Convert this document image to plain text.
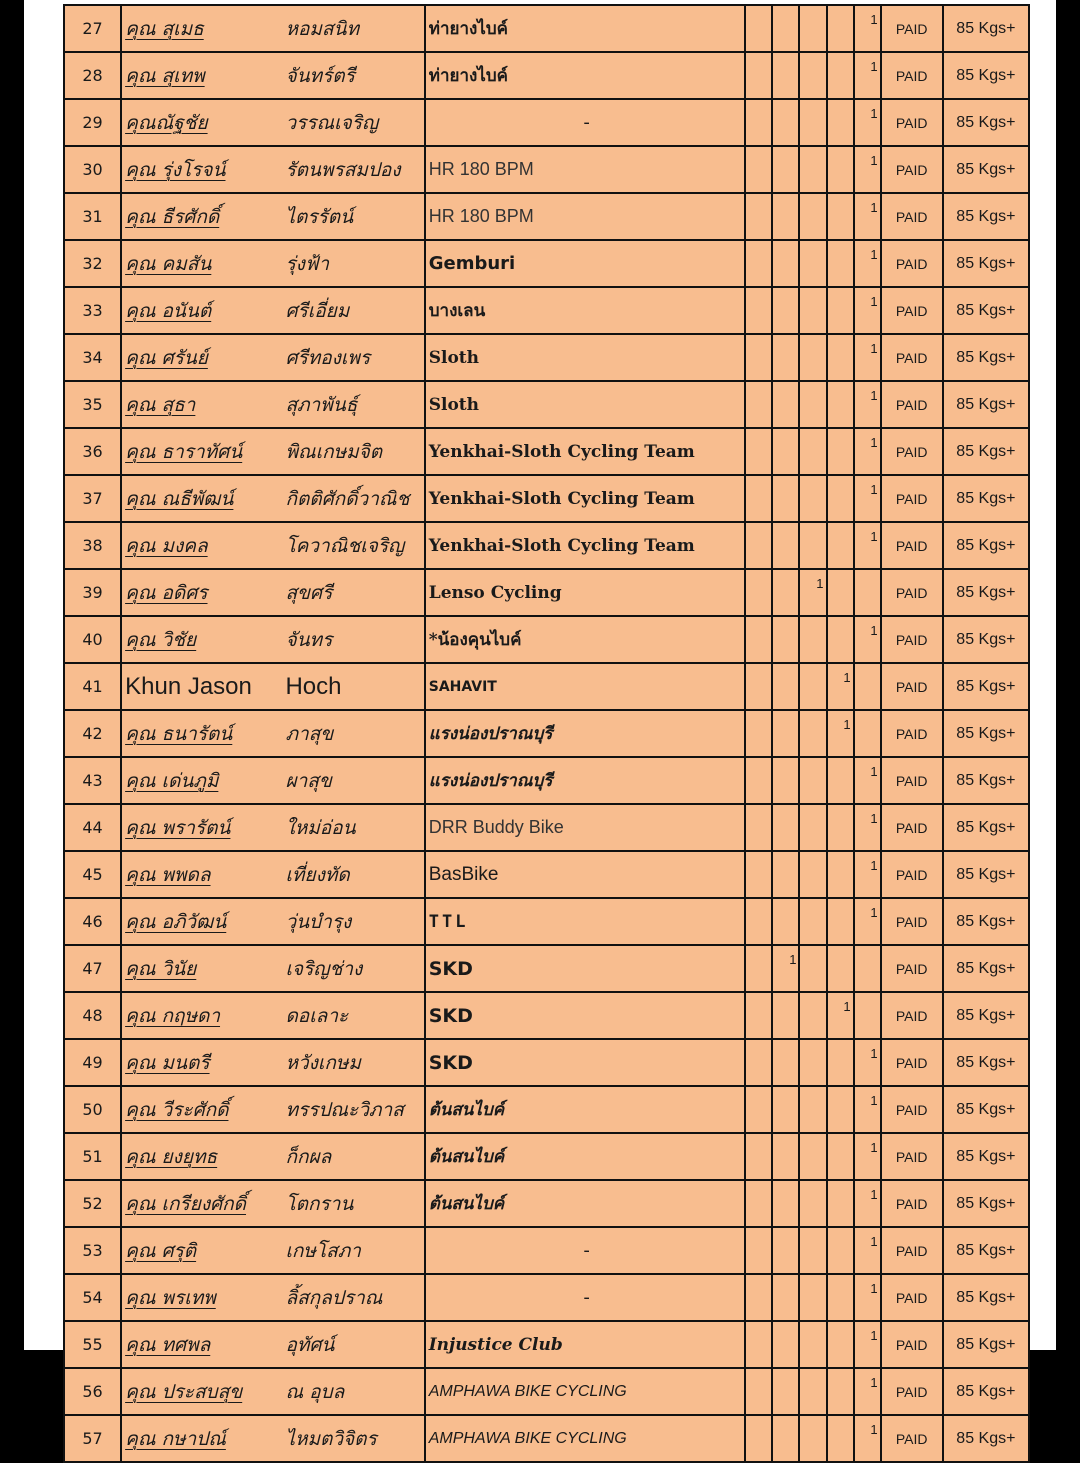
27	คุณ สุเมธ	หอมสนิท	ท่ายางไบค์					1	PAID	85 Kgs+
28	คุณ สุเทพ	จันทร์ตรี	ท่ายางไบค์					1	PAID	85 Kgs+
29	คุณณัฐชัย	วรรณเจริญ	-					1	PAID	85 Kgs+
30	คุณ รุ่งโรจน์	รัตนพรสมปอง	HR 180 BPM					1	PAID	85 Kgs+
31	คุณ ธีรศักดิ์	ไตรรัตน์	HR 180 BPM					1	PAID	85 Kgs+
32	คุณ คมสัน	รุ่งฟ้า	Gemburi					1	PAID	85 Kgs+
33	คุณ อนันต์	ศรีเอี่ยม	บางเลน					1	PAID	85 Kgs+
34	คุณ ศรันย์	ศรีทองเพร	Sloth					1	PAID	85 Kgs+
35	คุณ สุธา	สุภาพันธุ์	Sloth					1	PAID	85 Kgs+
36	คุณ ธาราทัศน์	พิณเกษมจิต	Yenkhai-Sloth Cycling Team					1	PAID	85 Kgs+
37	คุณ ณธีพัฒน์	กิตติศักดิ์วาณิช	Yenkhai-Sloth Cycling Team					1	PAID	85 Kgs+
38	คุณ มงคล	โควาณิชเจริญ	Yenkhai-Sloth Cycling Team					1	PAID	85 Kgs+
39	คุณ อดิศร	สุขศรี	Lenso Cycling			1			PAID	85 Kgs+
40	คุณ วิชัย	จันทร	*น้องคุนไบค์					1	PAID	85 Kgs+
41	Khun Jason	Hoch	SAHAVIT				1		PAID	85 Kgs+
42	คุณ ธนารัตน์	ภาสุข	แรงน่องปราณบุรี				1		PAID	85 Kgs+
43	คุณ เด่นภูมิ	ผาสุข	แรงน่องปราณบุรี					1	PAID	85 Kgs+
44	คุณ พรารัตน์	ใหม่อ่อน	DRR Buddy Bike					1	PAID	85 Kgs+
45	คุณ พพดล	เที่ยงทัด	BasBike					1	PAID	85 Kgs+
46	คุณ อภิวัฒน์	วุ่นบำรุง	TTL					1	PAID	85 Kgs+
47	คุณ วินัย	เจริญช่าง	SKD		1				PAID	85 Kgs+
48	คุณ กฤษดา	ดอเลาะ	SKD				1		PAID	85 Kgs+
49	คุณ มนตรี	หวังเกษม	SKD					1	PAID	85 Kgs+
50	คุณ วีระศักดิ์	ทรรปณะวิภาส	ต้นสนไบค์					1	PAID	85 Kgs+
51	คุณ ยงยุทธ	ก็กผล	ต้นสนไบค์					1	PAID	85 Kgs+
52	คุณ เกรียงศักดิ์	โตกราน	ต้นสนไบค์					1	PAID	85 Kgs+
53	คุณ ศรุติ	เกษโสภา	-					1	PAID	85 Kgs+
54	คุณ พรเทพ	ลิ้สกุลปราณ	-					1	PAID	85 Kgs+
55	คุณ ทศพล	อุทัศน์	Injustice Club					1	PAID	85 Kgs+
56	คุณ ประสบสุข	ณ อุบล	AMPHAWA BIKE CYCLING					1	PAID	85 Kgs+
57	คุณ กษาปณ์	ไหมตวิจิตร	AMPHAWA BIKE CYCLING					1	PAID	85 Kgs+
